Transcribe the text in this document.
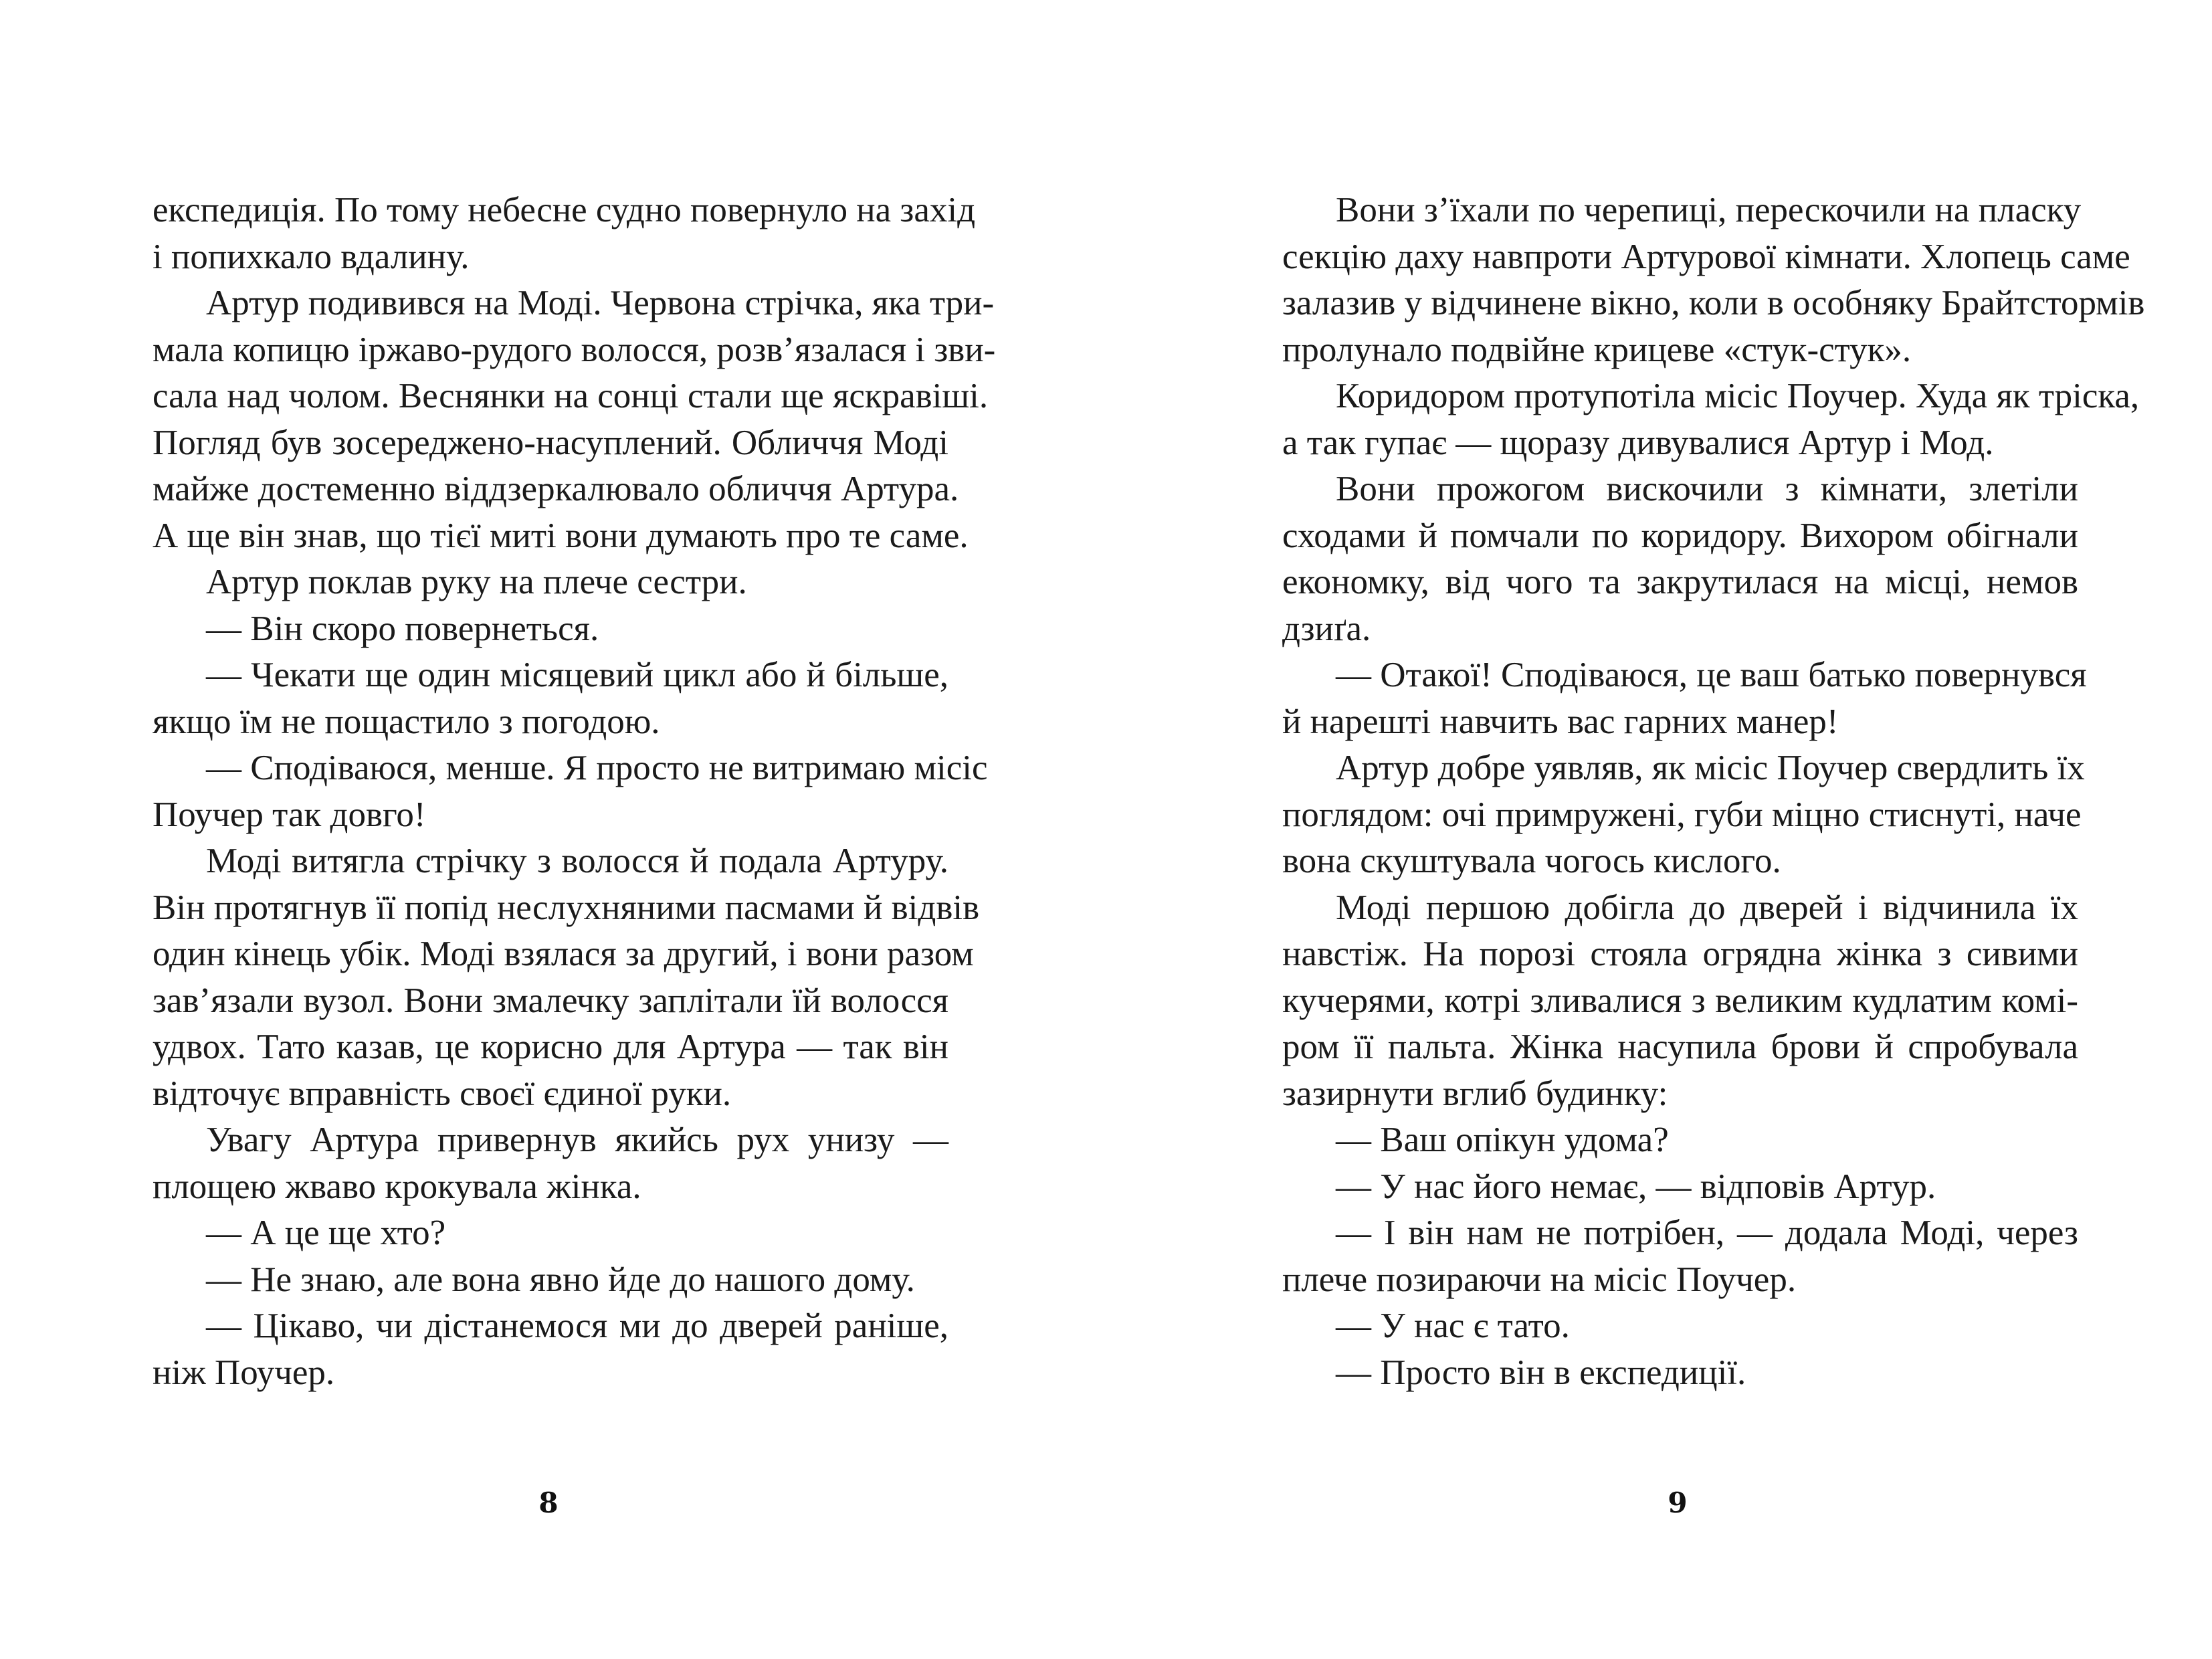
експедиція. По тому небесне судно повернуло на захід
і попихкало вдалину.
Артур подивився на Моді. Червона стрічка, яка три-
мала копицю іржаво-рудого волосся, розв’язалася і зви-
сала над чолом. Веснянки на сонці стали ще яскравіші.
Погляд був зосереджено-насуплений. Обличчя Моді
майже достеменно віддзеркалювало обличчя Артура.
А ще він знав, що тієї миті вони думають про те саме.
Артур поклав руку на плече сестри.
— Він скоро повернеться.
— Чекати ще один місяцевий цикл або й більше,
якщо їм не пощастило з погодою.
— Сподіваюся, менше. Я просто не витримаю місіс
Поучер так довго!
Моді витягла стрічку з волосся й подала Артуру.
Він протягнув її попід неслухняними пасмами й відвів
один кінець убік. Моді взялася за другий, і вони разом
зав’язали вузол. Вони змалечку заплітали їй волосся
удвох. Тато казав, це корисно для Артура — так він
відточує вправність своєї єдиної руки.
Увагу Артура привернув якийсь рух унизу —
площею жваво крокувала жінка.
— А це ще хто?
— Не знаю, але вона явно йде до нашого дому.
— Цікаво, чи дістанемося ми до дверей раніше,
ніж Поучер.
Вони з’їхали по черепиці, перескочили на пласку
секцію даху навпроти Артурової кімнати. Хлопець саме
залазив у відчинене вікно, коли в особняку Брайтстормів
пролунало подвійне крицеве «стук-стук».
Коридором протупотіла місіс Поучер. Худа як тріска,
а так гупає — щоразу дивувалися Артур і Мод.
Вони прожогом вискочили з кімнати, злетіли
сходами й помчали по коридору. Вихором обігнали
економку, від чого та закрутилася на місці, немов
дзиґа.
— Отакої! Сподіваюся, це ваш батько повернувся
й нарешті навчить вас гарних манер!
Артур добре уявляв, як місіс Поучер свердлить їх
поглядом: очі примружені, губи міцно стиснуті, наче
вона скуштувала чогось кислого.
Моді першою добігла до дверей і відчинила їх
навстіж. На порозі стояла огрядна жінка з сивими
кучерями, котрі зливалися з великим кудлатим комі-
ром її пальта. Жінка насупила брови й спробувала
зазирнути вглиб будинку:
— Ваш опікун удома?
— У нас його немає, — відповів Артур.
— І він нам не потрібен, — додала Моді, через
плече позираючи на місіс Поучер.
— У нас є тато.
— Просто він в експедиції.
8	9
